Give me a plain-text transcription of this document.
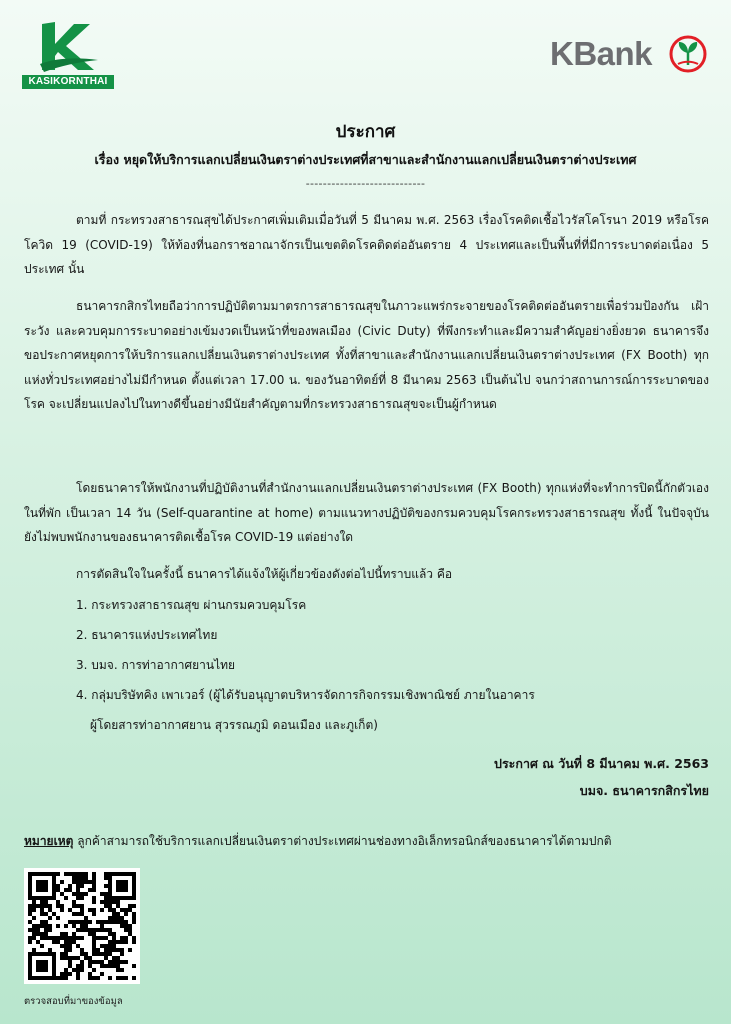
KASIKORNTHAI
KBank
ประกาศ
เรื่อง หยุดให้บริการแลกเปลี่ยนเงินตราต่างประเทศที่สาขาและสำนักงานแลกเปลี่ยนเงินตราต่างประเทศ
----------------------------

ตามที่ กระทรวงสาธารณสุขได้ประกาศเพิ่มเติมเมื่อวันที่ 5 มีนาคม พ.ศ. 2563 เรื่องโรคติดเชื้อไวรัสโคโรนา 2019 หรือโรคโควิด 19 (COVID-19) ให้ท้องที่นอกราชอาณาจักรเป็นเขตติดโรคติดต่ออันตราย 4 ประเทศและเป็นพื้นที่ที่มีการระบาดต่อเนื่อง 5 ประเทศ นั้น

ธนาคารกสิกรไทยถือว่าการปฏิบัติตามมาตรการสาธารณสุขในภาวะแพร่กระจายของโรคติดต่ออันตรายเพื่อร่วมป้องกัน เฝ้าระวัง และควบคุมการระบาดอย่างเข้มงวดเป็นหน้าที่ของพลเมือง (Civic Duty) ที่พึงกระทำและมีความสำคัญอย่างยิ่งยวด ธนาคารจึงขอประกาศหยุดการให้บริการแลกเปลี่ยนเงินตราต่างประเทศ ทั้งที่สาขาและสำนักงานแลกเปลี่ยนเงินตราต่างประเทศ (FX Booth) ทุกแห่งทั่วประเทศอย่างไม่มีกำหนด ตั้งแต่เวลา 17.00 น. ของวันอาทิตย์ที่ 8 มีนาคม 2563 เป็นต้นไป จนกว่าสถานการณ์การระบาดของโรค จะเปลี่ยนแปลงไปในทางดีขึ้นอย่างมีนัยสำคัญตามที่กระทรวงสาธารณสุขจะเป็นผู้กำหนด

โดยธนาคารให้พนักงานที่ปฏิบัติงานที่สำนักงานแลกเปลี่ยนเงินตราต่างประเทศ (FX Booth) ทุกแห่งที่จะทำการปิดนี้กักตัวเองในที่พัก เป็นเวลา 14 วัน (Self-quarantine at home) ตามแนวทางปฏิบัติของกรมควบคุมโรคกระทรวงสาธารณสุข ทั้งนี้ ในปัจจุบันยังไม่พบพนักงานของธนาคารติดเชื้อโรค COVID-19 แต่อย่างใด

การตัดสินใจในครั้งนี้ ธนาคารได้แจ้งให้ผู้เกี่ยวข้องดังต่อไปนี้ทราบแล้ว คือ

1. กระทรวงสาธารณสุข ผ่านกรมควบคุมโรค
2. ธนาคารแห่งประเทศไทย
3. บมจ. การท่าอากาศยานไทย
4. กลุ่มบริษัทคิง เพาเวอร์ (ผู้ได้รับอนุญาตบริหารจัดการกิจกรรมเชิงพาณิชย์ ภายในอาคาร
ผู้โดยสารท่าอากาศยาน สุวรรณภูมิ ดอนเมือง และภูเก็ต)
ประกาศ ณ วันที่ 8 มีนาคม พ.ศ. 2563
บมจ. ธนาคารกสิกรไทย
หมายเหตุ ลูกค้าสามารถใช้บริการแลกเปลี่ยนเงินตราต่างประเทศผ่านช่องทางอิเล็กทรอนิกส์ของธนาคารได้ตามปกติ
ตรวจสอบที่มาของข้อมูล
